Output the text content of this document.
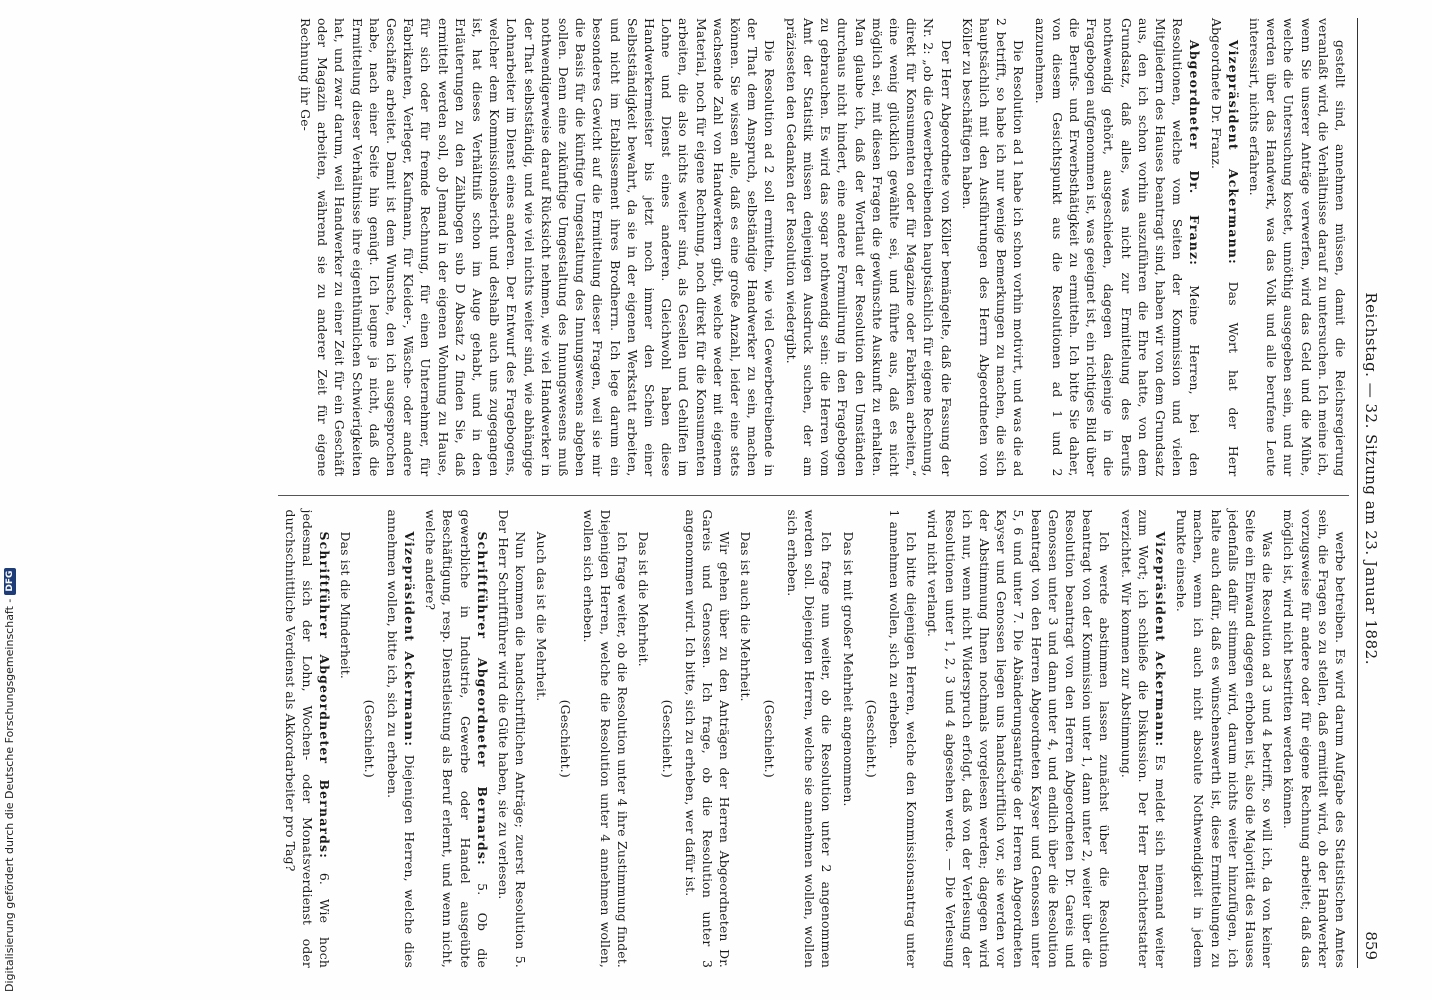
Reichstag. — 32. Sitzung am 23. Januar 1882.
859

gestellt sind, annehmen müssen, damit die Reichsregierung veranlaßt wird, die Verhältnisse darauf zu untersuchen. Ich meine ich, wenn Sie unserer Anträge verwerfen, wird das Geld und die Mühe, welche die Untersuchung kostet, unnöthig ausgegeben sein, und nur werden über das Handwerk, was das Volk und alle berufene Leute interessirt, nichts erfahren.

Vizepräsident Ackermann: Das Wort hat der Herr Abgeordnete Dr. Franz.

Abgeordneter Dr. Franz: Meine Herren, bei den Resolutionen, welche vom Seiten der Kommission und vielen Mitgliedern des Hauses beantragt sind, haben wir von dem Grundsatz aus, den ich schon vorhin auszuführen die Ehre hatte, von dem Grundsatz, daß alles, was nicht zur Ermittelung des Berufs nothwendig gehört, ausgeschieden, dagegen dasjenige in die Fragebogen aufgenommen ist, was geeignet ist, ein richtiges Bild über die Berufs- und Erwerbsthätigkeit zu ermitteln. Ich bitte Sie daher, von diesem Gesichtspunkt aus die Resolutionen ad 1 und 2 anzunehmen.

Die Resolution ad 1 habe ich schon vorhin motivirt, und was die ad 2 betrifft, so habe ich nur wenige Bemerkungen zu machen, die sich hauptsächlich mit den Ausführungen des Herrn Abgeordneten von Köller zu beschäftigen haben.

Der Herr Abgeordnete von Köller bemängelte, daß die Fassung der Nr. 2: „ob die Gewerbetreibenden hauptsächlich für eigene Rechnung, direkt für Konsumenten oder für Magazine oder Fabriken arbeiten,“ eine wenig glücklich gewählte sei, und führte aus, daß es nicht möglich sei, mit diesen Fragen die gewünschte Auskunft zu erhalten. Man glaube ich, daß der Wortlaut der Resolution den Umständen durchaus nicht hindert, eine andere Formulirung in den Fragebogen zu gebrauchen. Es wird das sogar nothwendig sein: die Herren vom Amt der Statistik müssen denjenigen Ausdruck suchen, der am präzisesten den Gedanken der Resolution wiedergibt.

Die Resolution ad 2 soll ermitteln, wie viel Gewerbetreibende in der That dem Anspruch, selbständige Handwerker zu sein, machen können. Sie wissen alle, daß es eine große Anzahl, leider eine stets wachsende Zahl von Handwerkern gibt, welche weder mit eigenem Material, noch für eigene Rechnung, noch direkt für die Konsumenten arbeiten, die also nichts weiter sind, als Gesellen und Gehilfen im Lohne und Dienst eines anderen. Gleichwohl haben diese Handwerkermeister bis jetzt noch immer den Schein einer Selbstständigkeit bewahrt, da sie in der eigenen Werkstatt arbeiten, und nicht im Etablissement ihres Brodherrn. Ich lege darum ein besonderes Gewicht auf die Ermittelung dieser Fragen, weil sie mir die Basis für die künftige Umgestaltung des Innungswesens abgeben sollen. Denn eine zukünftige Umgestaltung des Innungswesens muß nothwendigerweise darauf Rücksicht nehmen, wie viel Handwerker in der That selbstständig, und wie viel nichts weiter sind, wie abhängige Lohnarbeiter im Dienst eines anderen. Der Entwurf des Fragebogens, welcher dem Kommissionsbericht und deshalb auch uns zugegangen ist, hat dieses Verhältniß schon im Auge gehabt, und in den Erläuterungen zu den Zählbogen sub D Absatz 2 finden Sie, daß ermittelt werden soll, ob Jemand in der eigenen Wohnung zu Hause, für sich oder für fremde Rechnung, für einen Unternehmer, für Fabrikanten, Verleger, Kaufmann, für Kleider-, Wäsche- oder andere Geschäfte arbeitet. Damit ist dem Wunsche, den ich ausgesprochen habe, nach einer Seite hin genügt. Ich leugne ja nicht, daß die Ermittelung dieser Verhältnisse ihre eigenthümlichen Schwierigkeiten hat, und zwar darum, weil Handwerker zu einer Zeit für ein Geschäft oder Magazin arbeiten, während sie zu anderer Zeit für eigene Rechnung ihr Ge-

werbe betreiben. Es wird darum Aufgabe des Statistischen Amtes sein, die Fragen so zu stellen, daß ermittelt wird, ob der Handwerker vorzugsweise für andere oder für eigene Rechnung arbeitet; daß das möglich ist, wird nicht bestritten werden können.

Was die Resolution ad 3 und 4 betrifft, so will ich, da von keiner Seite ein Einwand dagegen erhoben ist, also die Majorität des Hauses jedenfalls dafür stimmen wird, darum nichts weiter hinzufügen, ich halte auch dafür, daß es wünschenswerth ist, diese Ermittelungen zu machen, wenn ich auch nicht absolute Nothwendigkeit in jedem Punkte einsehe.

Vizepräsident Ackermann: Es meldet sich niemand weiter zum Wort; ich schließe die Diskussion. Der Herr Berichterstatter verzichtet. Wir kommen zur Abstimmung.

Ich werde abstimmen lassen zunächst über die Resolution beantragt von der Kommission unter 1, dann unter 2, weiter über die Resolution beantragt von den Herren Abgeordneten Dr. Gareis und Genossen unter 3 und dann unter 4, und endlich über die Resolution beantragt von den Herren Abgeordneten Kayser und Genossen unter 5, 6 und unter 7. Die Abänderungsanträge der Herren Abgeordneten Kayser und Genossen liegen uns handschriftlich vor, sie werden vor der Abstimmung Ihnen nochmals vorgelesen werden; dagegen wird ich nur, wenn nicht Widerspruch erfolgt, daß von der Verlesung der Resolutionen unter 1, 2, 3 und 4 abgesehen werde. — Die Verlesung wird nicht verlangt.

Ich bitte diejenigen Herren, welche den Kommissionsantrag unter 1 annehmen wollen, sich zu erheben.

(Geschieht.)

Das ist mit großer Mehrheit angenommen.

Ich frage nun weiter, ob die Resolution unter 2 angenommen werden soll. Diejenigen Herren, welche sie annehmen wollen, wollen sich erheben.

(Geschieht.)

Das ist auch die Mehrheit.

Wir gehen über zu den Anträgen der Herren Abgeordneten Dr. Gareis und Genossen. Ich frage, ob die Resolution unter 3 angenommen wird. Ich bitte, sich zu erheben, wer dafür ist.

(Geschieht.)

Das ist die Mehrheit.

Ich frage weiter, ob die Resolution unter 4 ihre Zustimmung findet. Diejenigen Herren, welche die Resolution unter 4 annehmen wollen, wollen sich erheben.

(Geschieht.)

Auch das ist die Mehrheit.

Nun kommen die handschriftlichen Anträge; zuerst Resolution 5. Der Herr Schriftführer wird die Güte haben, sie zu verlesen.

Schriftführer Abgeordneter Bernards: 5. Ob die gewerbliche in Industrie, Gewerbe oder Handel ausgeübte Beschäftigung, resp. Dienstleistung als Beruf erlernt, und wenn nicht, welche andere?

Vizepräsident Ackermann: Diejenigen Herren, welche dies annehmen wollen, bitte ich, sich zu erheben.

(Geschieht.)

Das ist die Minderheit.

Schriftführer Abgeordneter Bernards: 6. Wie hoch jedesmal sich der Lohn, Wochen- oder Monatsverdienst oder durchschnittliche Verdienst als Akkordarbeiter pro Tag?

Digitalisierung gefördert durch die Deutsche Forschungsgemeinschaft -DFG
